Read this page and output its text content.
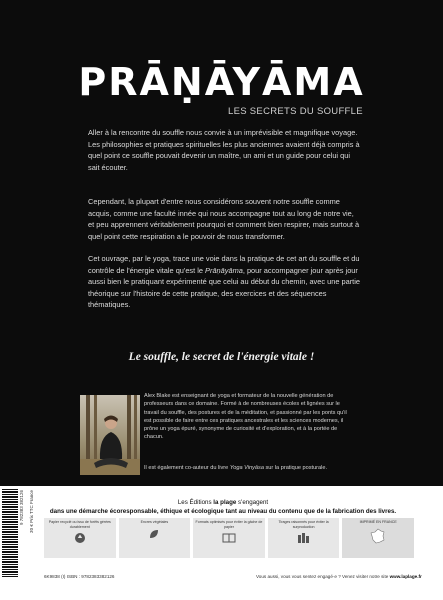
PRĀṆĀYĀMA
LES SECRETS DU SOUFFLE

Aller à la rencontre du souffle nous convie à un imprévisible et magnifique voyage. Les philosophies et pratiques spirituelles les plus anciennes avaient déjà compris à quel point ce souffle pouvait devenir un maître, un ami et un guide pour celui qui sait écouter.

Cependant, la plupart d'entre nous considérons souvent notre souffle comme acquis, comme une faculté innée qui nous accompagne tout au long de notre vie, et peu apprennent véritablement pourquoi et comment bien respirer, mais surtout à quel point cette respiration a le pouvoir de nous transformer.

Cet ouvrage, par le yoga, trace une voie dans la pratique de cet art du souffle et du contrôle de l'énergie vitale qu'est le Prāṇāyāma, pour accompagner jour après jour aussi bien le pratiquant expérimenté que celui au début du chemin, avec une partie théorique sur l'histoire de cette pratique, des exercices et des séquences thématiques.

Le souffle, le secret de l'énergie vitale !

Alex Blake est enseignant de yoga et formateur de la nouvelle génération de professeurs dans ce domaine. Formé à de nombreuses écoles et lignées sur le travail du souffle, des postures et de la méditation, et passionné par les ponts qu'il est possible de faire entre ces pratiques ancestrales et les sciences modernes, il prône un yoga épuré, synonyme de curiosité et d'exploration, et à la portée de chacun.

Il est également co-auteur du livre Yoga Vinyāsa sur la pratique posturale.

9 782383 382126 30 € Prix TTC France	Les Éditions la plage s'engagent
dans une démarche écoresponsable, éthique et écologique tant au niveau du contenu que de la fabrication des livres.
Papier recyclé ou issu de forêts gérées durablement
Encres végétales	Formats optimisés pour éviter la gâche de papier
Tirages raisonnés pour éviter la surproduction
IMPRIMÉ EN FRANCE
6K9838 (I) ISBN : 9782383382126	Vous aussi, vous vous sentez engagé·e ? Venez visiter notre site www.laplage.fr
